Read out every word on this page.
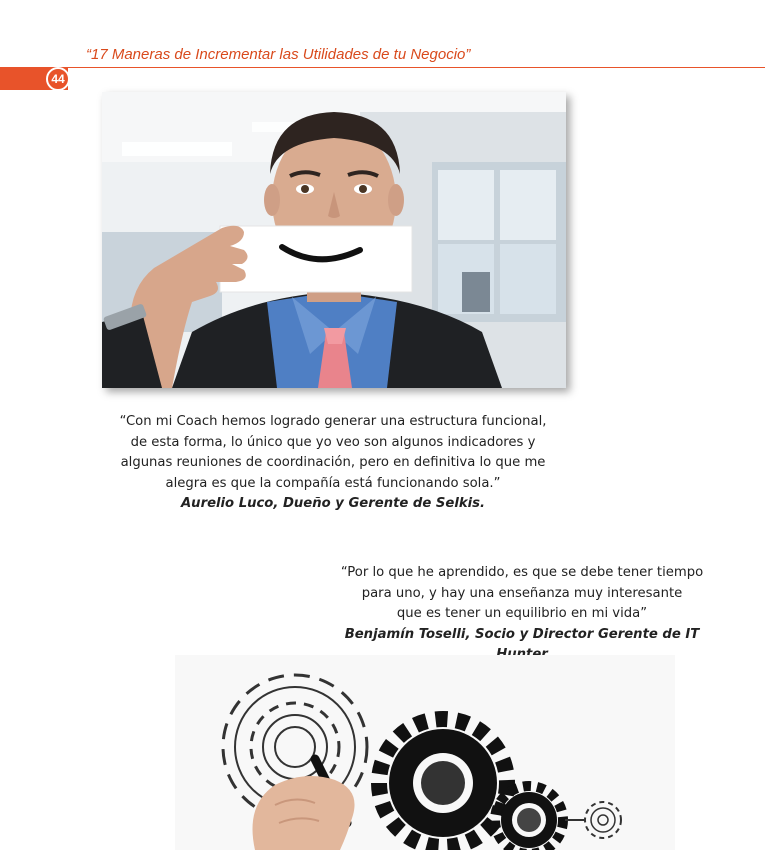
“17 Maneras de Incrementar las Utilidades de tu Negocio”

44

“Con mi Coach hemos logrado generar una estructura funcional,

de esta forma, lo único que yo veo son algunos indicadores y

algunas reuniones de coordinación, pero en definitiva lo que me

alegra es que la compañía está funcionando sola.”

Aurelio Luco, Dueño y Gerente de Selkis.

“Por lo que he aprendido, es que se debe tener tiempo

para uno, y hay una enseñanza muy interesante

que es tener un equilibrio en mi vida”

Benjamín Toselli, Socio y Director Gerente de IT
